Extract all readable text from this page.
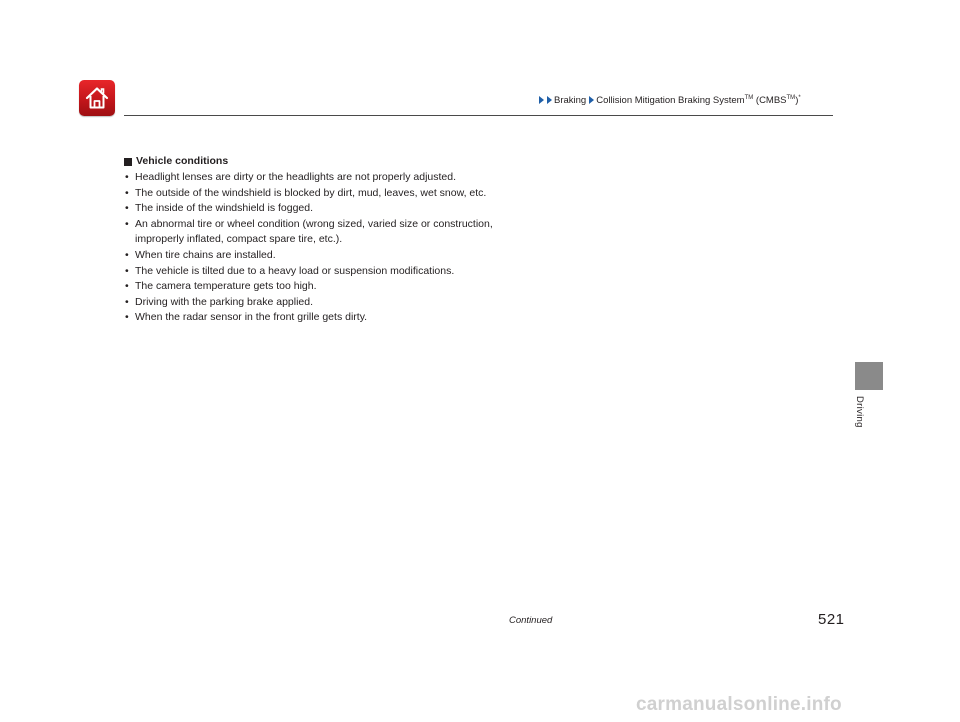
Braking Collision Mitigation Braking System™ (CMBS™)*
Vehicle conditions
• Headlight lenses are dirty or the headlights are not properly adjusted.
• The outside of the windshield is blocked by dirt, mud, leaves, wet snow, etc.
• The inside of the windshield is fogged.
• An abnormal tire or wheel condition (wrong sized, varied size or construction,
improperly inflated, compact spare tire, etc.).
• When tire chains are installed.
• The vehicle is tilted due to a heavy load or suspension modifications.
• The camera temperature gets too high.
• Driving with the parking brake applied.
• When the radar sensor in the front grille gets dirty.
Driving
Continued	521
carmanualsonline.info
